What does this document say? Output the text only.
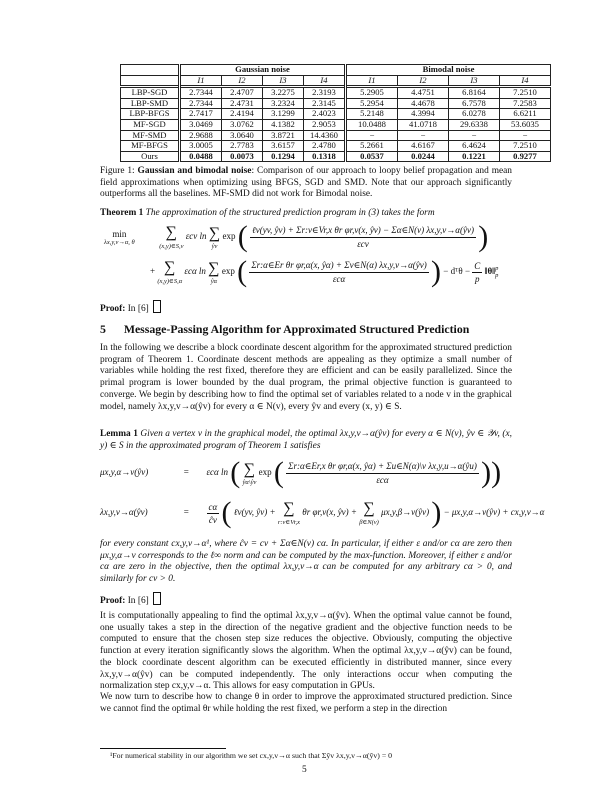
	Gaussian noise				Bimodal noise			
	I1	I2	I3	I4	I1	I2	I3	I4
LBP-SGD	2.7344	2.4707	3.2275	2.3193	5.2905	4.4751	6.8164	7.2510
LBP-SMD	2.7344	2.4731	3.2324	2.3145	5.2954	4.4678	6.7578	7.2583
LBP-BFGS	2.7417	2.4194	3.1299	2.4023	5.2148	4.3994	6.0278	6.6211
MF-SGD	3.0469	3.0762	4.1382	2.9053	10.0488	41.0718	29.6338	53.6035
MF-SMD	2.9688	3.0640	3.8721	14.4360	−	−	−	−
MF-BFGS	3.0005	2.7783	3.6157	2.4780	5.2661	4.6167	6.4624	7.2510
Ours	0.0488	0.0073	0.1294	0.1318	0.0537	0.0244	0.1221	0.9277
Figure 1: Gaussian and bimodal noise: Comparison of our approach to loopy belief propagation and mean field approximations when optimizing using BFGS, SGD and SMD. Note that our approach significantly outperforms all the baselines. MF-SMD did not work for Bimodal noise.
Theorem 1 The approximation of the structured prediction program in (3) takes the form
min
λx,y,v→α, θ

∑
(x,y)∈S,v
εcv ln ∑
ŷv
exp ( $\frac{\text{ℓv(yv, ŷv) + Σr:v∈Vr,x θr φr,v(x, ŷv) − Σα∈N(v) λx,y,v→α(ŷv)}}{\text{εcv}}$ )
+ ∑
(x,y)∈S,α
εcα ln ∑
ŷα
exp ( $\frac{\text{Σr:α∈Er θr φr,α(x, ŷα) + Σv∈N(α) λx,y,v→α(ŷv)}}{\text{εcα}}$ ) − dᵀθ − $\frac{C}{p}$ ‖θ‖ p
p
Proof: In [6]
5 Message-Passing Algorithm for Approximated Structured Prediction
In the following we describe a block coordinate descent algorithm for the approximated structured prediction program of Theorem 1. Coordinate descent methods are appealing as they optimize a small number of variables while holding the rest fixed, therefore they are efficient and can be easily parallelized. Since the primal program is lower bounded by the dual program, the primal objective function is guaranteed to converge. We begin by describing how to find the optimal set of variables related to a node v in the graphical model, namely λx,y,v→α(ŷv) for every α ∈ N(v), every ŷv and every (x, y) ∈ S.
Lemma 1 Given a vertex v in the graphical model, the optimal λx,y,v→α(ŷv) for every α ∈ N(v), ŷv ∈ 𝒴v, (x, y) ∈ S in the approximated program of Theorem 1 satisfies
μx,y,α→v(ŷv)	= εcα ln ( ∑
ŷα\ŷv
exp ( $\frac{\text{Σr:α∈Er,x θr φr,α(x, ŷα) + Σu∈N(α)\textbackslash{}v λx,y,u→α(ŷu)}}{\text{εcα}}$ ))
λx,y,v→α(ŷv)	= $\frac{c\alpha}{ĉv}$ ( ℓv(yv, ŷv) + ∑
r:v∈Vr,x
θr φr,v(x, ŷv) + ∑
β∈N(v)
μx,y,β→v(ŷv) ) − μx,y,α→v(ŷv) + cx,y,v→α
for every constant cx,y,v→α¹, where ĉv = cv + Σα∈N(v) cα. In particular, if either ε and/or cα are zero then μx,y,α→v corresponds to the ℓ∞ norm and can be computed by the max-function. Moreover, if either ε and/or cα are zero in the objective, then the optimal λx,y,v→α can be computed for any arbitrary cα > 0, and similarly for cv > 0.
Proof: In [6]
It is computationally appealing to find the optimal λx,y,v→α(ŷv). When the optimal value cannot be found, one usually takes a step in the direction of the negative gradient and the objective function needs to be computed to ensure that the chosen step size reduces the objective. Obviously, computing the objective function at every iteration significantly slows the algorithm. When the optimal λx,y,v→α(ŷv) can be found, the block coordinate descent algorithm can be executed efficiently in distributed manner, since every λx,y,v→α(ŷv) can be computed independently. The only interactions occur when computing the normalization step cx,y,v→α. This allows for easy computation in GPUs.
We now turn to describe how to change θ in order to improve the approximated structured prediction. Since we cannot find the optimal θr while holding the rest fixed, we perform a step in the direction
¹For numerical stability in our algorithm we set cx,y,v→α such that Σŷv λx,y,v→α(ŷv) = 0
5
